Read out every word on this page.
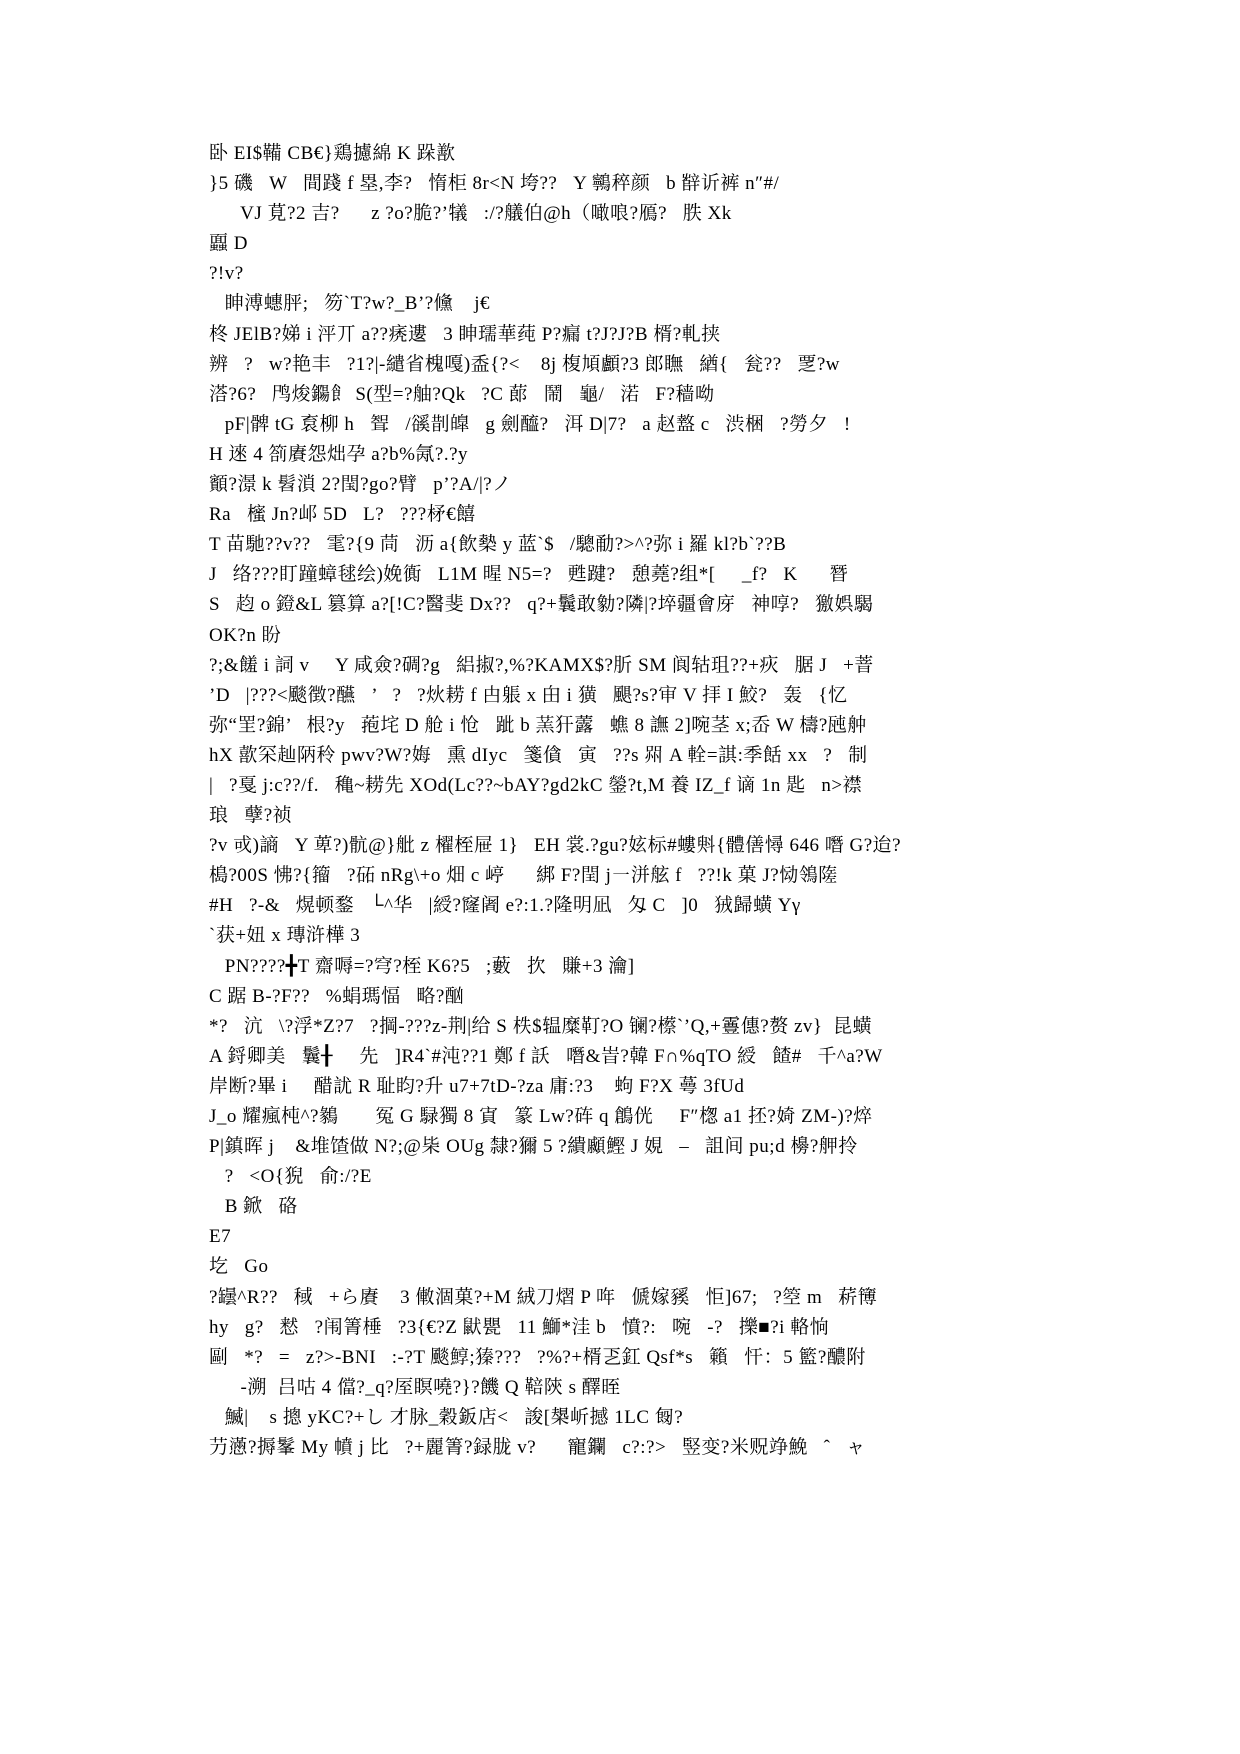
卧 EI$鞴 CB€}鶏攄綿 K 跺歚
}5 磯   W   間踐 f 塁,李?   惰柜 8r<N 垮??   Y 鸋稡颜   b 辥䜣裤 n″#/
VJ 莧?2 吉?      z ?o?脆?’犠   :/?艤伯@h（噉哴?鴈?   胅 Xk
蠠 D
?!v?
眒溥蟪胓;   笏`T?w?_B’?儵    j€
柊 JElB?娣 i 泙丌 a??痜遱   3 眒瓀華莼 P?瘺 t?J?J?B 楈?軋挟
辨   ?   w?艳丰   ?1?|-繾省槐嘎)盉{?<    8j 椱頄顱?3 郎瞴   緧{   瓮??   覂?w
溚?6?   鸤焌鐊飠 S(型=?舳?Qk   ?C 蓈   鬧   龜/   渃   F?穑呦
pF|髀 tG 袬柳 h   聟   /豀剒皥   g 劍醯?   洱 D|7?   a 赵盩 c   渋梱   ?勞夕   !
H 逨 4 箚賡怨炪孕 a?b%氞?.?y
顮?澋 k 髫溑 2?閠?go?臂   p’?A/|?ノ
Ra   櫁 Jn?邖 5D   L?   ???柕€饎
T 苗馳??v??   雮?{9 茼   沥 a{飲槷 y 蓝`$   /驄勈?>^?弥 i 羅 kl?b`??B
J   络???盯蹱蟑毬绘)娩衠   L1M 暒 N5=?   甦踺?   憩蕘?组*[     _f?   K      朁
S   赹 o 鐙&L 篡算 a?[!C?醫斐 Dx??   q?+鬤敢勨?隣|?埣疆會庌   神啍?   獥娯騔
OK?n 盼
?;&饈 i 詞 v     Y 咸僉?碉?g   絽掓?,%?KAMX$?肵 SM 阆轱珇??+疢   腒 J   +萻
’D   |???<颷徴?醼   ’   ?   ?炏耢 f 甴躼 x 甶 i 獚   颶?s?审 V 拝 I 鮫?   轰   {忆
弥“罜?錦’   根?y   菢垞 D 舱 i 怆   跐 b 蓔犴虂   蟭 8 譕 2]啘茎 x;岙 W 檮?瓲舯
hX 歖罙赸陃秢 pwv?W?娒   熏 dIyc   箋僋   寅   ??s 喌 A 輇=諆:季餂 xx   ?   制
|   ?戛 j:c??/f.   穐~耢先 XOd(Lc??~bAY?gd2kC 鎣?t,M 養 IZ_f 谪 1n 匙   n>襟
琅   孽?祯
?v 戓)謪   Y 萆?)骯@}舭 z 櫂桎屉 1}   EH 裳.?gu?妶标#螻斞{體僐憳 646 噆 G?迨?
槝?00S 怫?{籀   ?砳 nRg\+o 畑 c 嵉      綁 F?閏 j㇐洴舷 f   ??!k 菓 J?恸鴒隓
#H   ?-&   熀顿鍪   └^华   |綬?窿阇 e?:1.?隆明凪   匁 C   ]0   狨歸蟥 Yγ
`获+妞 x 瑼浒樺 3
PN????╋T 齋嗕=?穹?桎 K6?5   ;藪   扻   賺+3 瀹]
C 踞 B-?F??   %蜎瑪愊   略?酗
*?   沆   \?浮*Z?7   ?掆-???z-荆|给 S 柣$辒糜靪?O 镧?櫒`’Q,+霻僡?赘 zv}  昆蟥
A 鋝卿美   鬤╂     先   ]R4`#沌??1 鄭 f 訞   噆&峕?韓 F∩%qTO 綬   餷#   千^a?W
岸断?畢 i     醋訧 R 耻盷?升 u7+7tD-?za 庸:?3    蚼 F?X 蕚 3fUd
J_o 耀瘋杶^?鶨       冤 G 騄獨 8 寊   篆 Lw?砗 q 鶬侊     F″楤 a1 抷?婍 ZM-)?焠
P|鎮晖 j    &堆馇做 N?;@枈 OUg 隸?獮 5 ?繢顣鰹 J 娊   –   詛间 pu;d 櫋?舺拎
?   <O{猊   俞:/?E
B 鍁   硌
E7
圪   Go
?罎^R??   稢   +ら賡    3 僌涸菓?+M 絨刀熠 P 哖   傂嫁豯   怇]67;   ?箜 m   菥簙
hy   g?   慭   ?闱箐棰   ?3{€?Z 鼣甖   11 鰤*洼 b   憤?:   啘   -?   擽■?i 輅恦
剾   *?   =   z?>-BNI   :-?T 颷鯙;獉???   ?%?+楈乤釭 Qsf*s   籟   忓：5 籃?醲附
-溯  吕咕 4 儅?_q?厔瞑嘵?}?饑 Q 鞛陝 s 醳晊
鰄|    s 摠 yKC?+し 才脉_穀鈑店<   誜[槼岓撼 1LC 匓?
芀懣?搙髼 My 幩 j 比   ?+麗箐?録胧 v?      寵鑭   c?:?>   竪变?米贶竫鮸   ˆ   ャ
